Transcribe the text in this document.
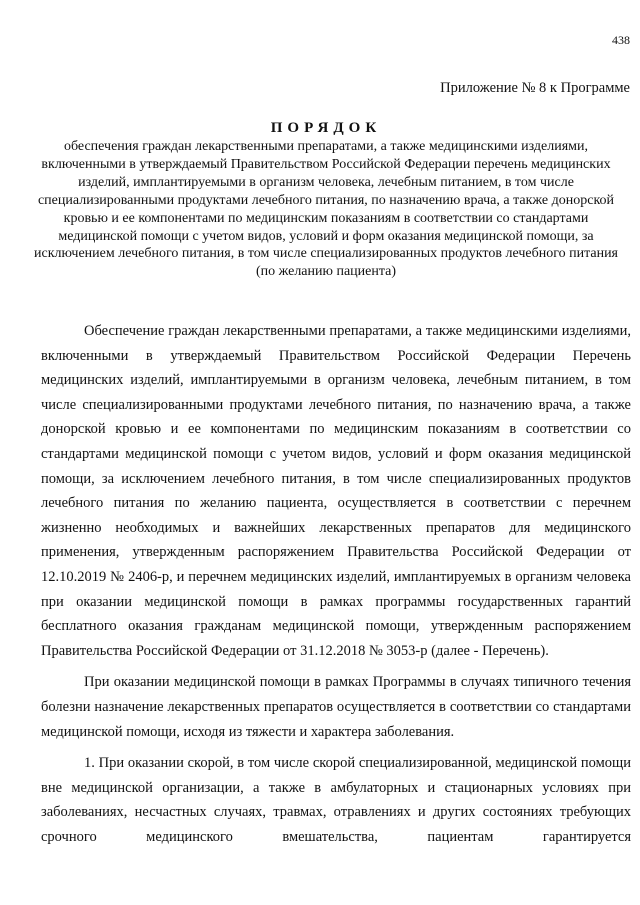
438
Приложение № 8 к Программе
ПОРЯДОК
обеспечения граждан лекарственными препаратами, а также медицинскими изделиями, включенными в утверждаемый Правительством Российской Федерации перечень медицинских изделий, имплантируемыми в организм человека, лечебным питанием, в том числе специализированными продуктами лечебного питания, по назначению врача, а также донорской кровью и ее компонентами по медицинским показаниям в соответствии со стандартами медицинской помощи с учетом видов, условий и форм оказания медицинской помощи, за исключением лечебного питания, в том числе специализированных продуктов лечебного питания (по желанию пациента)

Обеспечение граждан лекарственными препаратами, а также медицинскими изделиями, включенными в утверждаемый Правительством Российской Федерации Перечень медицинских изделий, имплантируемыми в организм человека, лечебным питанием, в том числе специализированными продуктами лечебного питания, по назначению врача, а также донорской кровью и ее компонентами по медицинским показаниям в соответствии со стандартами медицинской помощи с учетом видов, условий и форм оказания медицинской помощи, за исключением лечебного питания, в том числе специализированных продуктов лечебного питания по желанию пациента, осуществляется в соответствии с перечнем жизненно необходимых и важнейших лекарственных препаратов для медицинского применения, утвержденным распоряжением Правительства Российской Федерации от 12.10.2019 № 2406-р, и перечнем медицинских изделий, имплантируемых в организм человека при оказании медицинской помощи в рамках программы государственных гарантий бесплатного оказания гражданам медицинской помощи, утвержденным распоряжением Правительства Российской Федерации от 31.12.2018 № 3053-р (далее - Перечень).

При оказании медицинской помощи в рамках Программы в случаях типичного течения болезни назначение лекарственных препаратов осуществляется в соответствии со стандартами медицинской помощи, исходя из тяжести и характера заболевания.

1. При оказании скорой, в том числе скорой специализированной, медицинской помощи вне медицинской организации, а также в амбулаторных и стационарных условиях при заболеваниях, несчастных случаях, травмах, отравлениях и других состояниях требующих срочного медицинского вмешательства, пациентам гарантируется
